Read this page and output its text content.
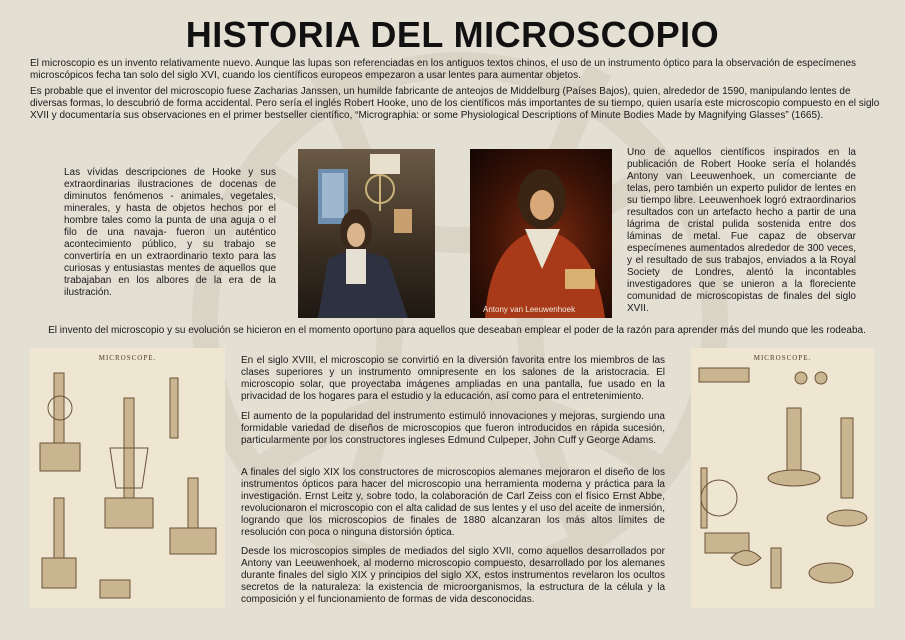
HISTORIA DEL MICROSCOPIO

El microscopio es un invento relativamente nuevo. Aunque las lupas son referenciadas en los antiguos textos chinos, el uso de un instrumento óptico para la observación de especímenes microscópicos fecha tan solo del siglo XVI, cuando los científicos europeos empezaron a usar lentes para aumentar objetos.

Es probable que el inventor del microscopio fuese Zacharias Janssen, un humilde fabricante de anteojos de Middelburg (Países Bajos), quien, alrededor de 1590, manipulando lentes de diversas formas, lo descubrió de forma accidental. Pero sería el inglés Robert Hooke, uno de los científicos más importantes de su tiempo, quien usaría este microscopio compuesto en el siglo XVII y documentaría sus observaciones en el primer bestseller científico, “Micrographia: or some Physiological Descriptions of Minute Bodies Made by Magnifying Glasses” (1665).

Las vívidas descripciones de Hooke y sus extraordinarias ilustraciones de docenas de diminutos fenómenos - animales, vegetales, minerales, y hasta de objetos hechos por el hombre tales como la punta de una aguja o el filo de una navaja- fueron un auténtico acontecimiento público, y su trabajo se convertiría en un extraordinario texto para las curiosas y entusiastas mentes de aquellos que trabajaban en los albores de la era de la ilustración.

Antony van Leeuwenhoek

Uno de aquellos científicos inspirados en la publicación de Robert Hooke sería el holandés Antony van Leeuwenhoek, un comerciante de telas, pero también un experto pulidor de lentes en su tiempo libre. Leeuwenhoek logró extraordinarios resultados con un artefacto hecho a partir de una lágrima de cristal pulida sostenida entre dos láminas de metal. Fue capaz de observar especímenes aumentados alrededor de 300 veces, y el resultado de sus trabajos, enviados a la Royal Society de Londres, alentó la incontables investigadores que se unieron a la floreciente comunidad de microscopistas de finales del siglo XVII.

El invento del microscopio y su evolución se hicieron en el momento oportuno para aquellos que deseaban emplear el poder de la razón para aprender más del mundo que les rodeaba.

MICROSCOPE.	En el siglo XVIII, el microscopio se convirtió en la diversión favorita entre los miembros de las clases superiores y un instrumento omnipresente en los salones de la aristocracia. El microscopio solar, que proyectaba imágenes ampliadas en una pantalla, fue usado en la privacidad de los hogares para el estudio y la educación, así como para el entretenimiento.

El aumento de la popularidad del instrumento estimuló innovaciones y mejoras, surgiendo una formidable variedad de diseños de microscopios que fueron introducidos en rápida sucesión, particularmente por los constructores ingleses Edmund Culpeper, John Cuff y George Adams.

A finales del siglo XIX los constructores de microscopios alemanes mejoraron el diseño de los instrumentos ópticos para hacer del microscopio una herramienta moderna y práctica para la investigación. Ernst Leitz y, sobre todo, la colaboración de Carl Zeiss con el físico Ernst Abbe, revolucionaron el microscopio con el alta calidad de sus lentes y el uso del aceite de inmersión, logrando que los microscopios de finales de 1880 alcanzaran los más altos límites de resolución con poca o ninguna distorsión óptica.

Desde los microscopios simples de mediados del siglo XVII, como aquellos desarrollados por Antony van Leeuwenhoek, al moderno microscopio compuesto, desarrollado por los alemanes durante finales del siglo XIX y principios del siglo XX, estos instrumentos revelaron los ocultos secretos de la naturaleza: la existencia de microorganismos, la estructura de la célula y la composición y el funcionamiento de formas de vida desconocidas.

MICROSCOPE.
